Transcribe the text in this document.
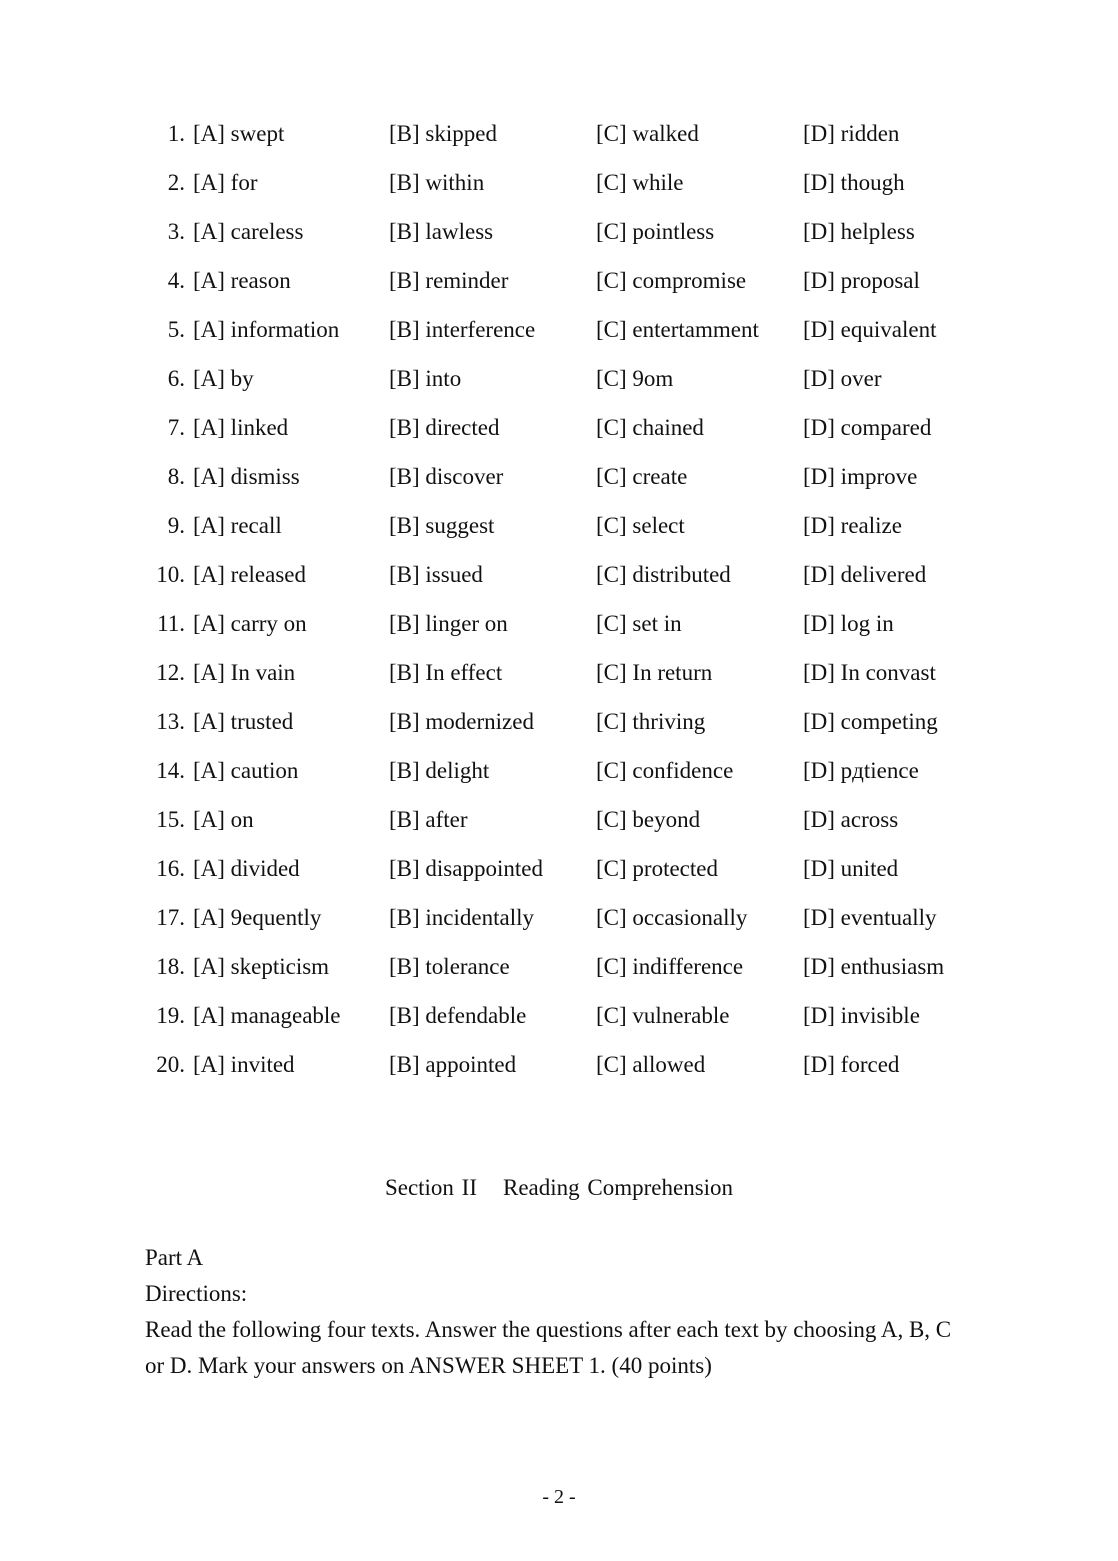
1. [A] swept	[B] skipped	[C] walked	[D] ridden
2. [A] for	[B] within	[C] while	[D] though
3. [A] careless	[B] lawless	[C] pointless	[D] helpless
4. [A] reason	[B] reminder	[C] compromise [D] proposal
5. [A] information [B] interference	[C] entertamment [D] equivalent
6. [A] by	[B] into	[C] 9om	[D] over
7. [A] linked	[B] directed	[C] chained	[D] compared
8. [A] dismiss	[B] discover	[C] create	[D] improve
9. [A] recall	[B] suggest	[C] select	[D] realize
10. [A] released	[B] issued	[C] distributed	[D] delivered
11. [A] carry on	[B] linger on	[C] set in	[D] log in
12. [A] In vain	[B] In effect	[C] In return	[D] In convast
13. [A] trusted	[B] modernized	[C] thriving	[D] competing
14. [A] caution	[B] delight	[C] confidence	[D] pдtience
15. [A] on	[B] after	[C] beyond	[D] across
16. [A] divided	[B] disappointed [C] protected	[D] united
17. [A] 9equently	[B] incidentally	[C] occasionally [D] eventually
18. [A] skepticism	[B] tolerance	[C] indifference	[D] enthusiasm
19. [A] manageable [B] defendable	[C] vulnerable	[D] invisible
20. [A] invited	[B] appointed	[C] allowed	[D] forced
Section II Reading Comprehension
Part A
Directions:
Read the following four texts. Answer the questions after each text by choosing A, B, C or D. Mark your answers on ANSWER SHEET 1. (40 points)
- 2 -
